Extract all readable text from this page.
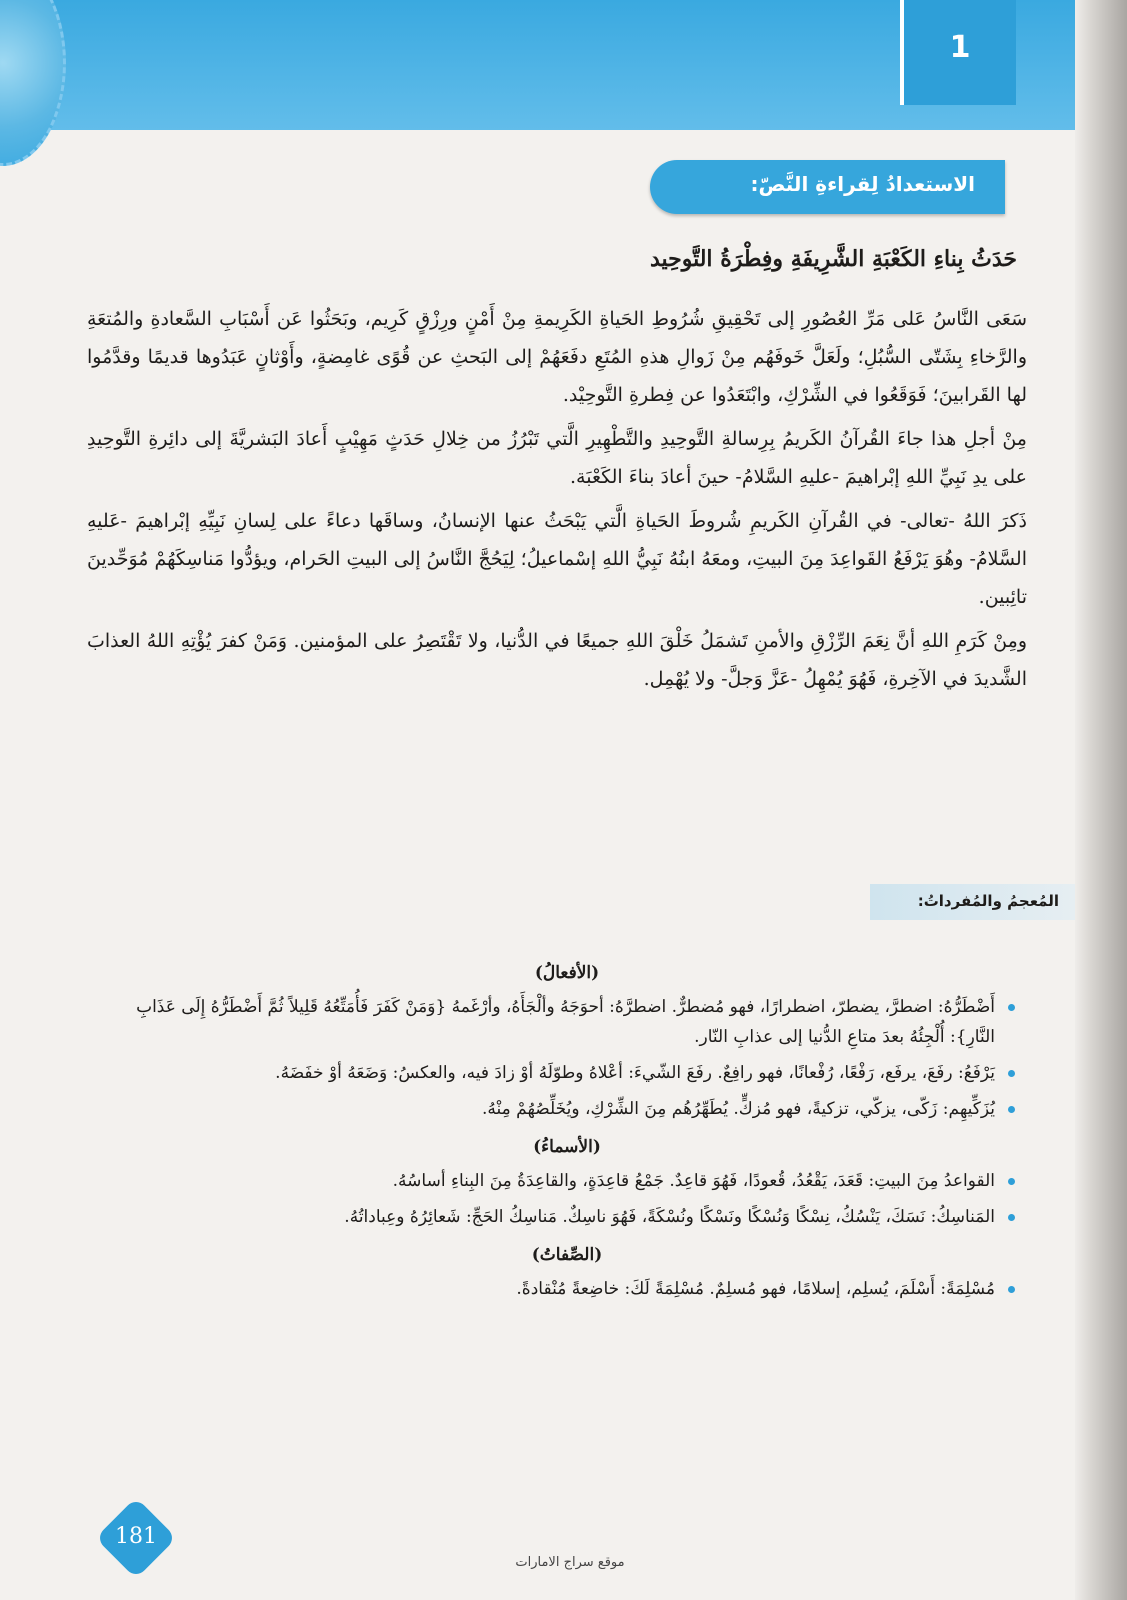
1
الاستعدادُ لِقراءةِ النَّصّ:
حَدَثُ بِناءِ الكَعْبَةِ الشَّرِيفَةِ وفِطْرَةُ التَّوحِيد

سَعَى النَّاسُ عَلى مَرِّ العُصُورِ إلى تَحْقِيقِ شُرُوطِ الحَياةِ الكَرِيمةِ مِنْ أَمْنٍ ورِزْقٍ كَرِيم، وبَحَثُوا عَن أَسْبَابِ السَّعادةِ والمُتعَةِ والرَّخاءِ بِشَتّى السُّبُلِ؛ ولَعَلَّ خَوفَهُم مِنْ زَوالِ هذهِ المُتَعِ دفَعَهُمْ إلى البَحثِ عن قُوًى غامِضةٍ، وأَوْثانٍ عَبَدُوها قديمًا وقدَّمُوا لها القَرابينَ؛ فَوَقَعُوا في الشِّرْكِ، وابْتَعَدُوا عن فِطرةِ التَّوحِيْد.

مِنْ أجلِ هذا جاءَ القُرآنُ الكَريمُ بِرِسالةِ التَّوحِيدِ والتَّطْهِيرِ الَّتي تَبْرُزُ من خِلالِ حَدَثٍ مَهِيْبٍ أَعادَ البَشريَّةَ إلى دائِرةِ التَّوحِيدِ على يدِ نَبِيِّ اللهِ إبْراهيمَ -عليهِ السَّلامُ- حينَ أعادَ بناءَ الكَعْبَة.

ذَكرَ اللهُ -تعالى- في القُرآنِ الكَريمِ شُروطَ الحَياةِ الَّتي يَبْحَثُ عنها الإنسانُ، وساقَها دعاءً على لِسانِ نَبِيِّهِ إبْراهيمَ -عَليهِ السَّلامُ- وهُوَ يَرْفَعُ القَواعِدَ مِنَ البيتِ، ومعَهُ ابنُهُ نَبِيُّ اللهِ إسْماعيلُ؛ لِيَحُجَّ النَّاسُ إلى البيتِ الحَرام، ويؤدُّوا مَناسِكَهُمْ مُوَحِّدينَ تائِبين.

ومِنْ كَرَمِ اللهِ أنَّ نِعَمَ الرِّزْقِ والأمنِ تَشمَلُ خَلْقَ اللهِ جميعًا في الدُّنيا، ولا تَقْتَصِرُ على المؤمنين. وَمَنْ كفرَ يُؤْتِهِ اللهُ العذابَ الشَّديدَ في الآخِرةِ، فَهُوَ يُمْهِلُ -عَزَّ وَجلَّ- ولا يُهْمِل.

المُعجمُ والمُفرداتُ:
(الأفعالُ)
أَضْطَرُّهُ: اضطرَّ، يضطرّ، اضطرارًا، فهو مُضطرٌّ. اضطرَّهُ: أحوَجَهُ وألْجَأَهُ، وأرْغَمهُ {وَمَنْ كَفَرَ فَأُمَتِّعُهُ قَلِيلاً ثُمَّ أَضْطَرُّهُ إِلَى عَذَابِ النَّارِ}: أُلْجِئُهُ بعدَ متاعِ الدُّنيا إلى عذابِ النّار.
يَرْفَعُ: رفَعَ، يرفَع، رَفْعًا، رُفْعانًا، فهو رافِعٌ. رفَعَ الشّيءَ: أعْلاهُ وطوّلَهُ أوْ زادَ فيه، والعكسُ: وَضَعَهُ أوْ خفَضَهُ.
يُزَكِّيهِم: زَكّى، يزكّي، تزكيةً، فهو مُزكٍّ. يُطَهِّرُهُم مِنَ الشِّرْكِ، ويُخَلِّصُهُمْ مِنْهُ.
(الأسماءُ)
القواعدُ مِنَ البيتِ: قَعَدَ، يَقْعُدُ، قُعودًا، فَهُوَ قاعِدٌ. جَمْعُ قاعِدَةٍ، والقاعِدَةُ مِنَ البِناءِ أساسُهُ.
المَناسِكُ: نَسَكَ، يَنْسُكُ، نِسْكًا وَنُسْكًا ونَسْكًا ونُسْكَةً، فَهُوَ ناسِكٌ. مَناسِكُ الحَجِّ: شَعائِرُهُ وعِباداتُهُ.
(الصِّفاتُ)
مُسْلِمَةً: أَسْلَمَ، يُسلِم، إسلامًا، فهو مُسلِمٌ. مُسْلِمَةً لَكَ: خاضِعةً مُنْقادةً.
181
موقع سراج الامارات
